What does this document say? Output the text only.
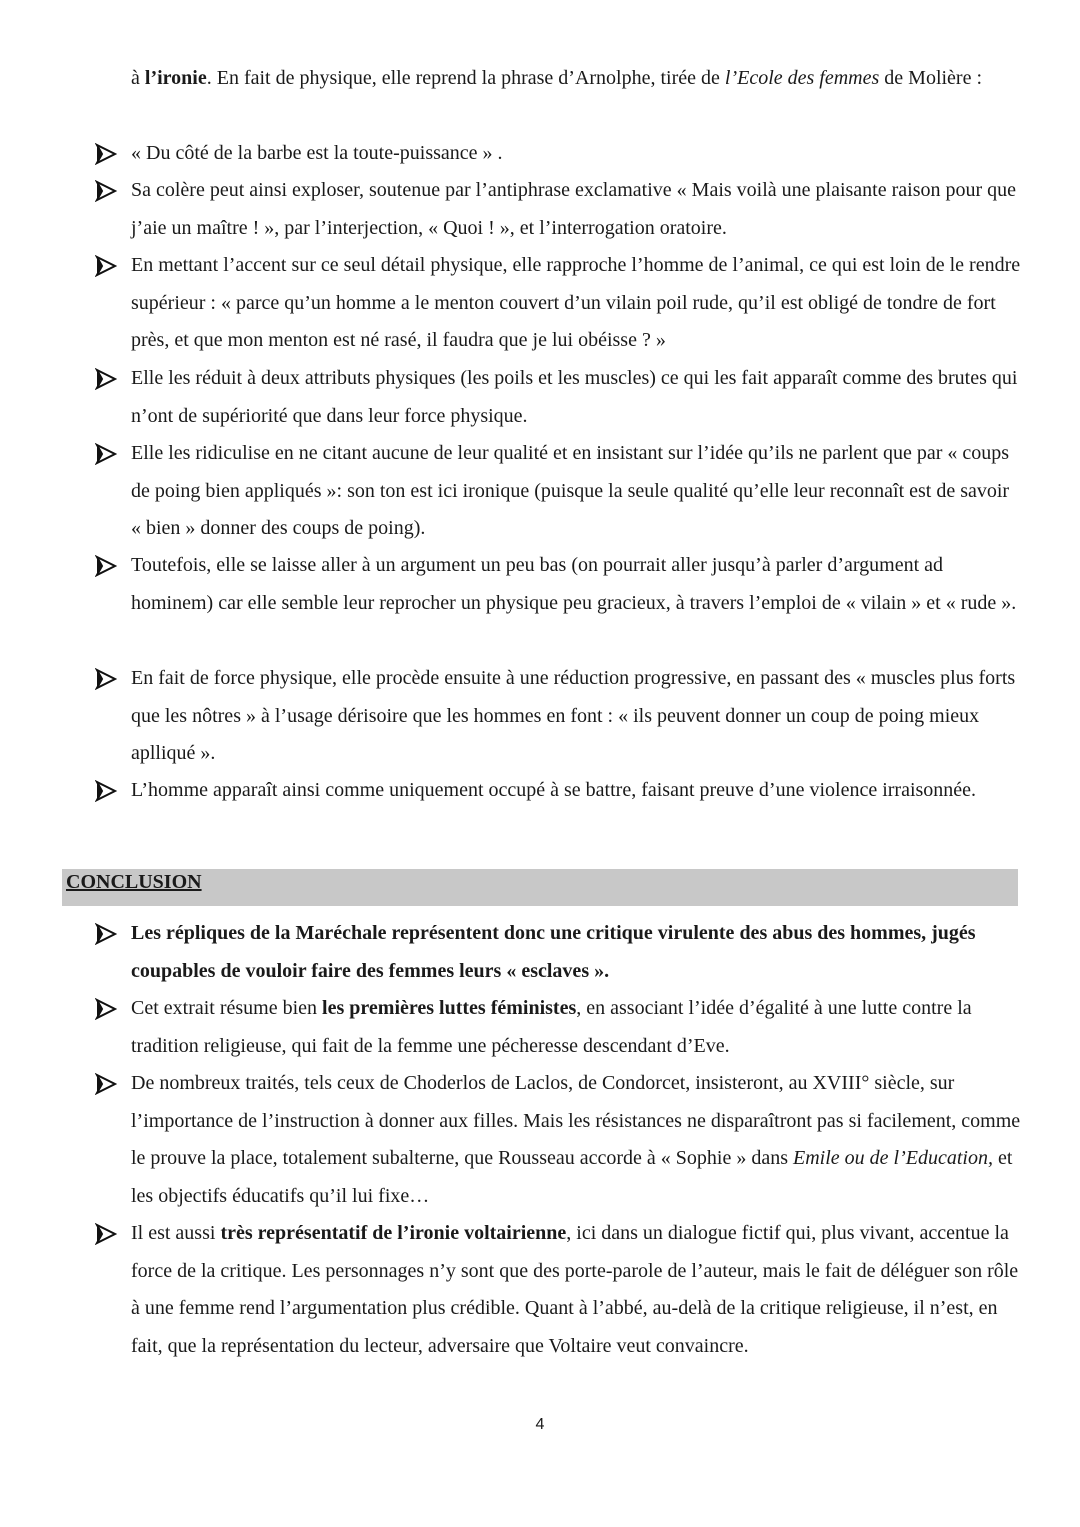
à l’ironie. En fait de physique, elle reprend la phrase d’Arnolphe, tirée de l’Ecole des femmes de Molière :
« Du côté de la barbe est la toute-puissance » .
Sa colère peut ainsi exploser, soutenue par l’antiphrase exclamative « Mais voilà une plaisante raison pour que j’aie un maître ! », par l’interjection, « Quoi ! », et l’interrogation oratoire.
En mettant l’accent sur ce seul détail physique, elle rapproche l’homme de l’animal, ce qui est loin de le rendre supérieur : « parce qu’un homme a le menton couvert d’un vilain poil rude, qu’il est obligé de tondre de fort près, et que mon menton est né rasé, il faudra que je lui obéisse ? »
Elle les réduit à deux attributs physiques (les poils et les muscles) ce qui les fait apparaît comme des brutes qui n’ont de supériorité que dans leur force physique.
Elle les ridiculise en ne citant aucune de leur qualité et en insistant sur l’idée qu’ils ne parlent que par « coups de poing bien appliqués »: son ton est ici ironique (puisque la seule qualité qu’elle leur reconnaît est de savoir « bien » donner des coups de poing).
Toutefois, elle se laisse aller à un argument un peu bas (on pourrait aller jusqu’à parler d’argument ad hominem) car elle semble leur reprocher un physique peu gracieux, à travers l’emploi de « vilain » et « rude ».
En fait de force physique, elle procède ensuite à une réduction progressive, en passant des « muscles plus forts que les nôtres » à l’usage dérisoire que les hommes en font : « ils peuvent donner un coup de poing mieux aplliqué ».
L’homme apparaît ainsi comme uniquement occupé à se battre, faisant preuve d’une violence irraisonnée.
CONCLUSION
Les répliques de la Maréchale représentent donc une critique virulente des abus des hommes, jugés coupables de vouloir faire des femmes leurs « esclaves ».
Cet extrait résume bien les premières luttes féministes, en associant l’idée d’égalité à une lutte contre la tradition religieuse, qui fait de la femme une pécheresse descendant d’Eve.
De nombreux traités, tels ceux de Choderlos de Laclos, de Condorcet, insisteront, au XVIII° siècle, sur l’importance de l’instruction à donner aux filles. Mais les résistances ne disparaîtront pas si facilement, comme le prouve la place, totalement subalterne, que Rousseau accorde à « Sophie » dans Emile ou de l’Education, et les objectifs éducatifs qu’il lui fixe…
Il est aussi très représentatif de l’ironie voltairienne, ici dans un dialogue fictif qui, plus vivant, accentue la force de la critique. Les personnages n’y sont que des porte-parole de l’auteur, mais le fait de déléguer son rôle à une femme rend l’argumentation plus crédible. Quant à l’abbé, au-delà de la critique religieuse, il n’est, en fait, que la représentation du lecteur, adversaire que Voltaire veut convaincre.
4
